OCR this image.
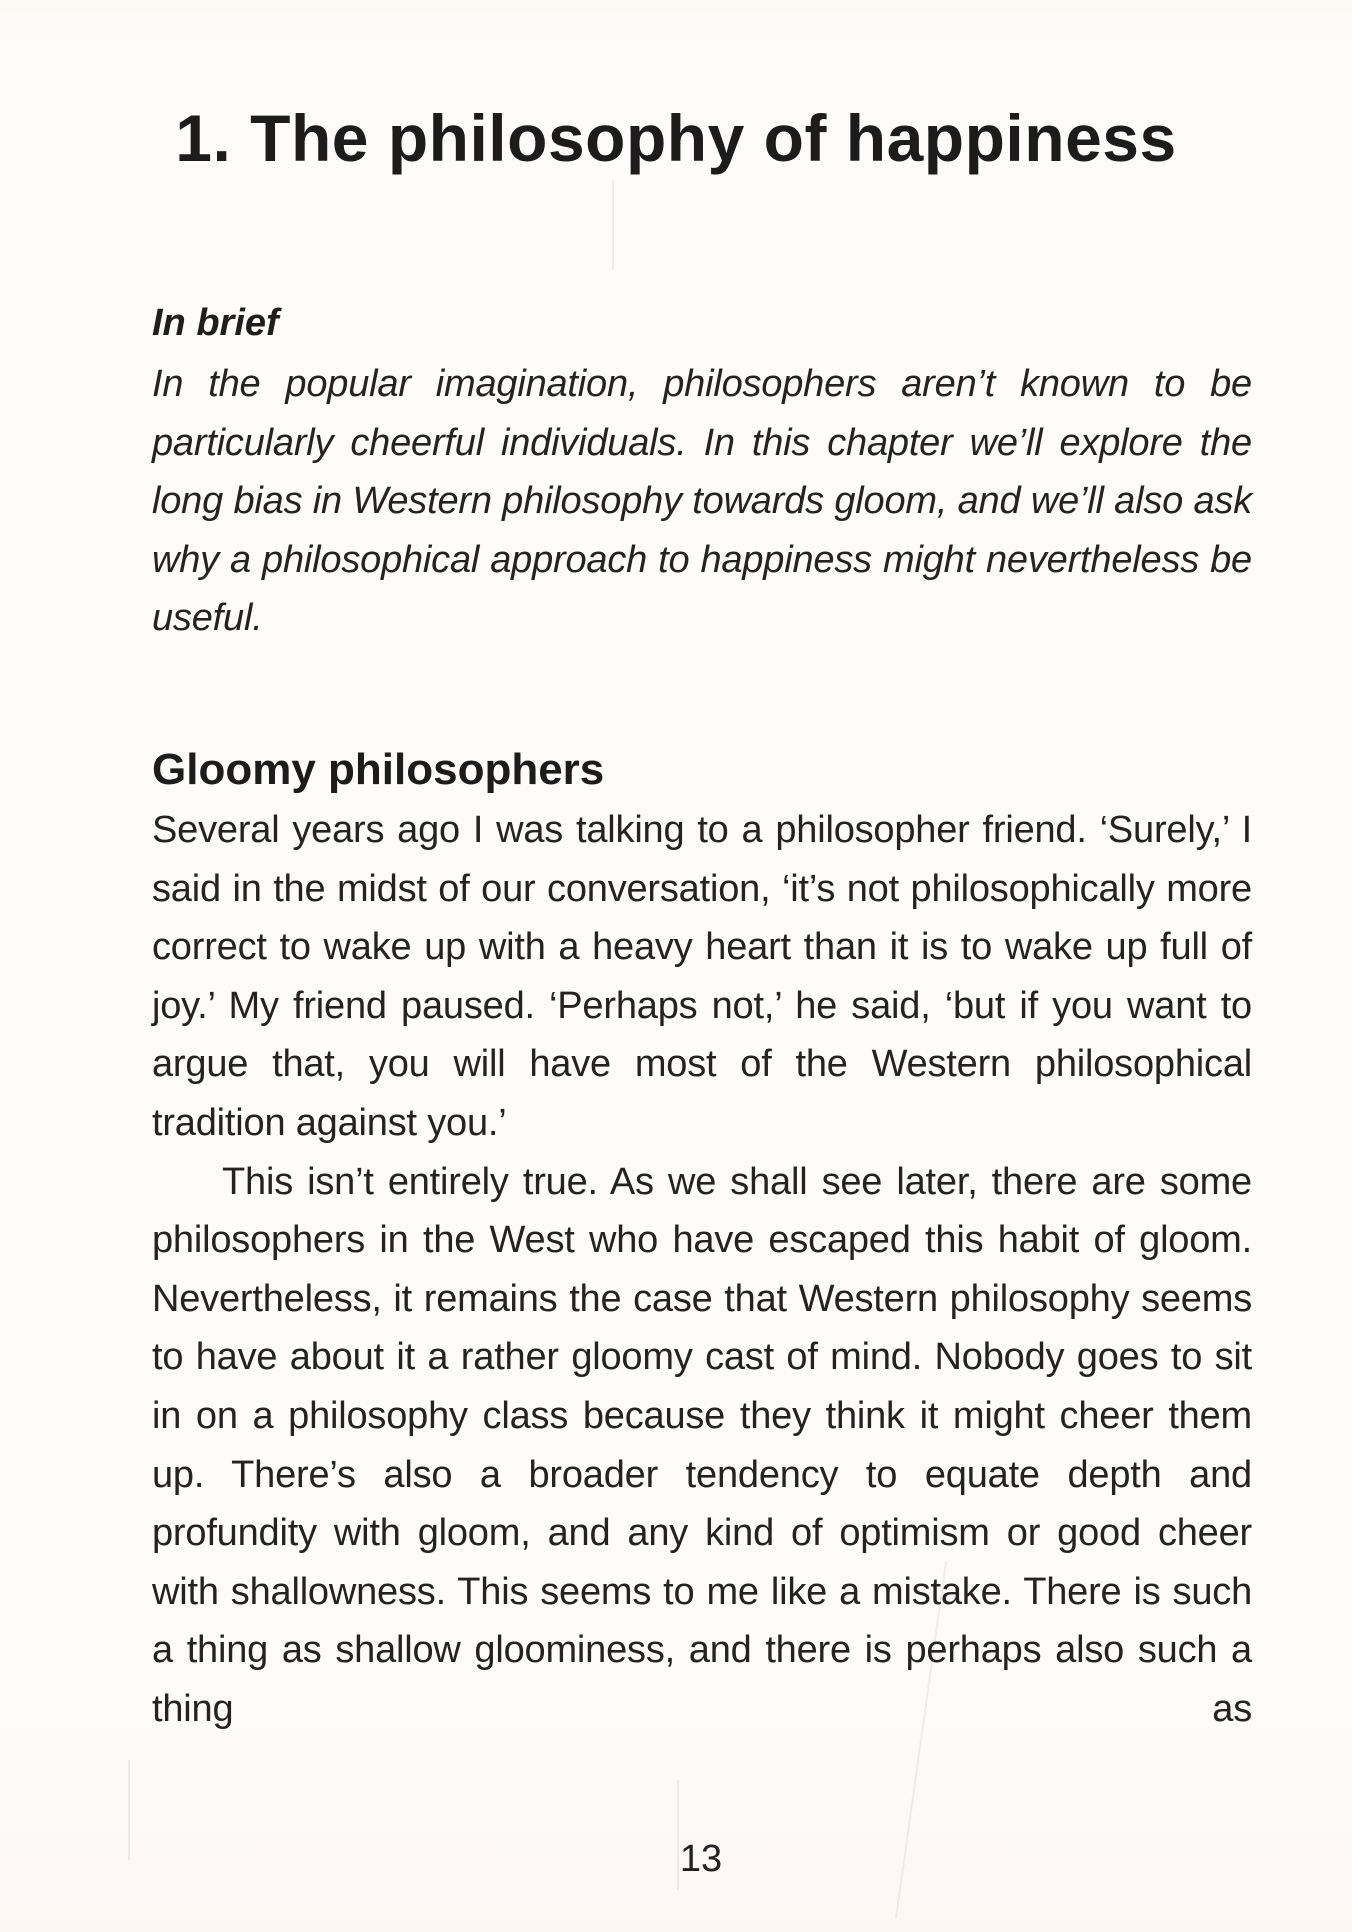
1. The philosophy of happiness
In brief

In the popular imagination, philosophers aren’t known to be particularly cheerful individuals. In this chapter we’ll explore the long bias in Western philosophy towards gloom, and we’ll also ask why a philosophical approach to happiness might nevertheless be useful.

Gloomy philosophers

Several years ago I was talking to a philosopher friend. ‘Surely,’ I said in the midst of our conversation, ‘it’s not philosophically more correct to wake up with a heavy heart than it is to wake up full of joy.’ My friend paused. ‘Perhaps not,’ he said, ‘but if you want to argue that, you will have most of the Western philosophical tradition against you.’

This isn’t entirely true. As we shall see later, there are some philosophers in the West who have escaped this habit of gloom. Nevertheless, it remains the case that Western philosophy seems to have about it a rather gloomy cast of mind. Nobody goes to sit in on a philosophy class because they think it might cheer them up. There’s also a broader tendency to equate depth and profundity with gloom, and any kind of optimism or good cheer with shallowness. This seems to me like a mistake. There is such a thing as shallow gloominess, and there is perhaps also such a thing as

13
